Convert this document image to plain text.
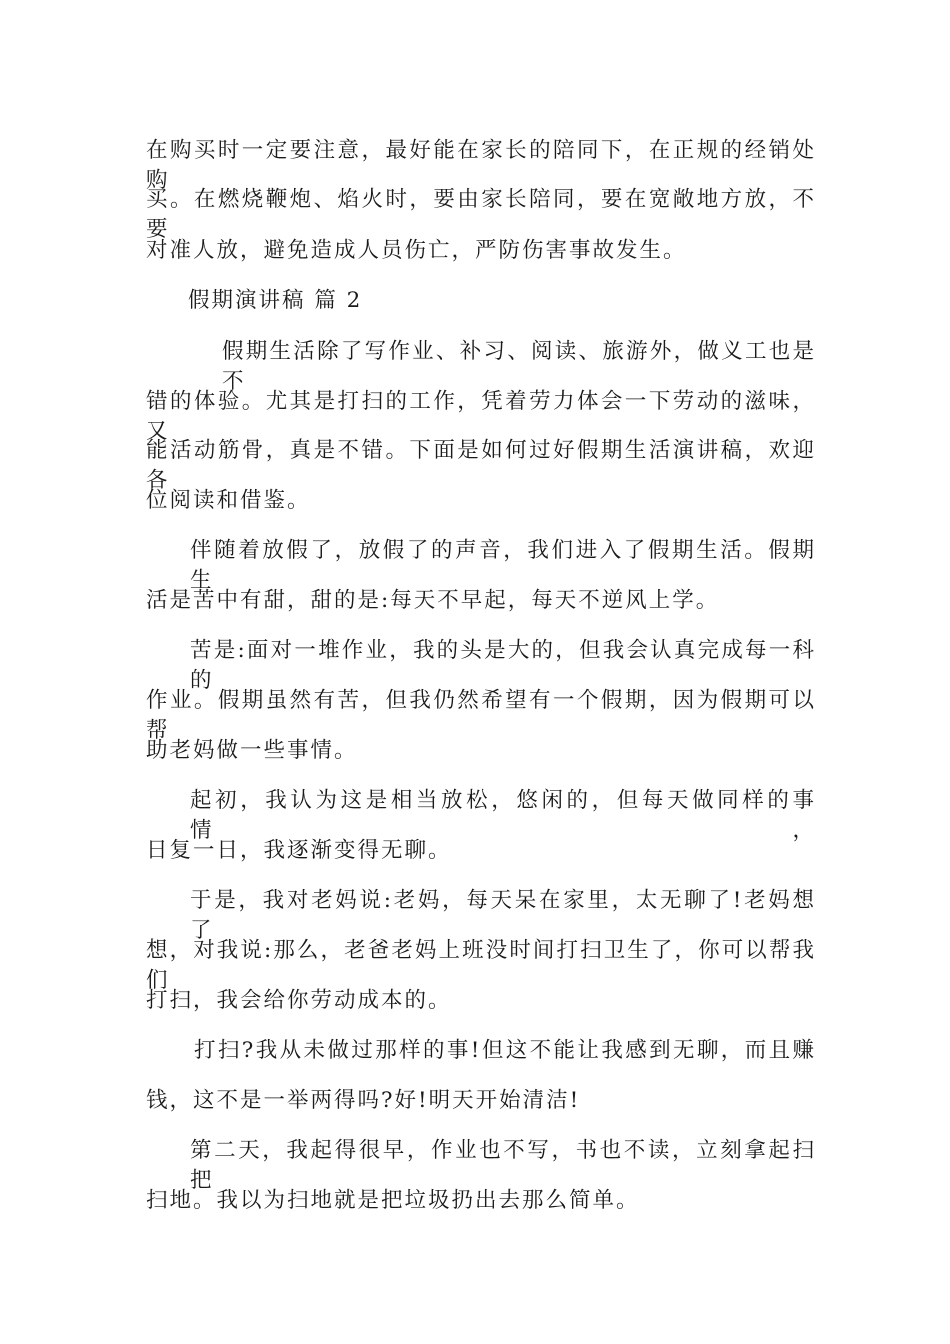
在购买时一定要注意，最好能在家长的陪同下，在正规的经销处购
买。在燃烧鞭炮、焰火时，要由家长陪同，要在宽敞地方放，不要
对准人放，避免造成人员伤亡，严防伤害事故发生。
假期演讲稿 篇 2
假期生活除了写作业、补习、阅读、旅游外，做义工也是不
错的体验。尤其是打扫的工作，凭着劳力体会一下劳动的滋味，又
能活动筋骨，真是不错。下面是如何过好假期生活演讲稿，欢迎各
位阅读和借鉴。
伴随着放假了，放假了的声音，我们进入了假期生活。假期生
活是苦中有甜，甜的是:每天不早起，每天不逆风上学。
苦是:面对一堆作业，我的头是大的，但我会认真完成每一科的
作业。假期虽然有苦，但我仍然希望有一个假期，因为假期可以帮
助老妈做一些事情。
起初，我认为这是相当放松，悠闲的，但每天做同样的事情，
日复一日，我逐渐变得无聊。
于是，我对老妈说:老妈，每天呆在家里，太无聊了!老妈想了
想，对我说:那么，老爸老妈上班没时间打扫卫生了，你可以帮我们
打扫，我会给你劳动成本的。
打扫?我从未做过那样的事!但这不能让我感到无聊，而且赚
钱，这不是一举两得吗?好!明天开始清洁!
第二天，我起得很早，作业也不写，书也不读，立刻拿起扫把
扫地。我以为扫地就是把垃圾扔出去那么简单。
